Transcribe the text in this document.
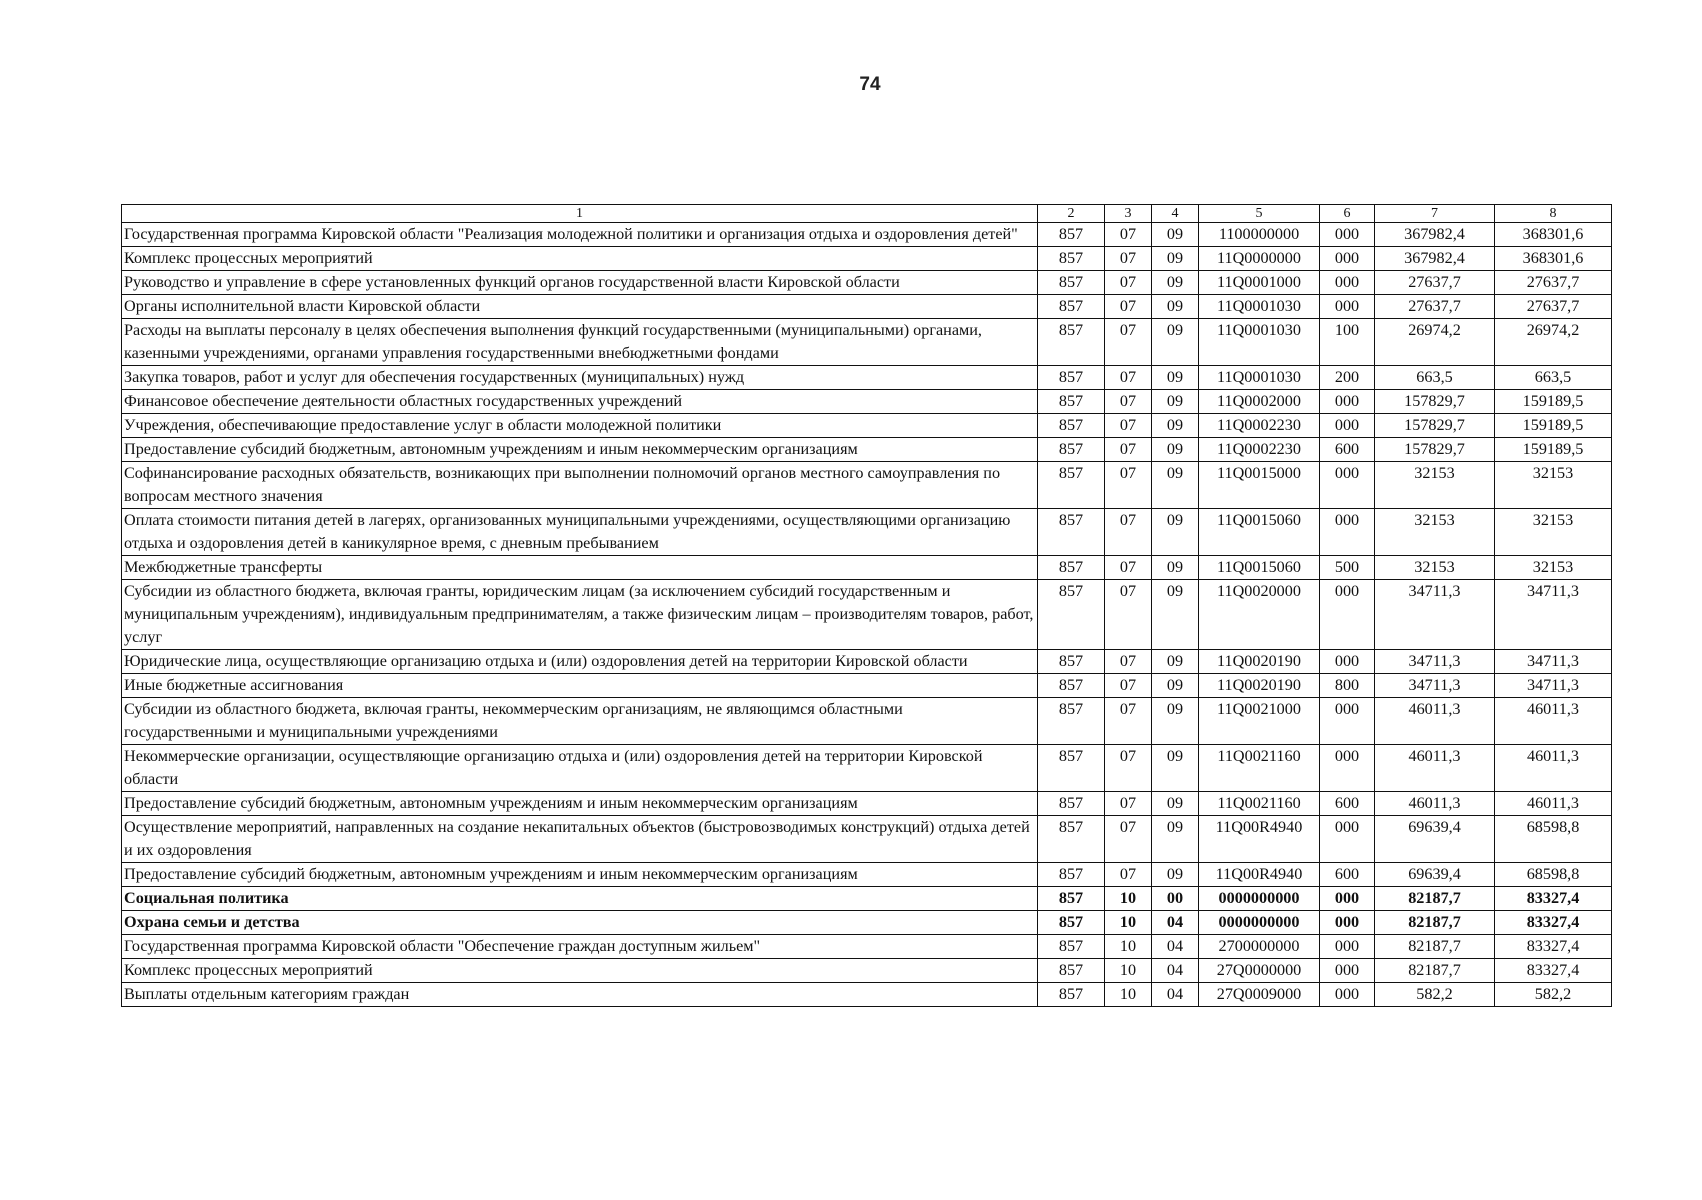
74
1	2	3	4	5	6	7	8
Государственная программа Кировской области "Реализация молодежной политики и организация отдыха и оздоровления детей"	857	07	09	1100000000	000	367982,4	368301,6
Комплекс процессных мероприятий	857	07	09	11Q0000000	000	367982,4	368301,6
Руководство и управление в сфере установленных функций органов государственной власти Кировской области	857	07	09	11Q0001000	000	27637,7	27637,7
Органы исполнительной власти Кировской области	857	07	09	11Q0001030	000	27637,7	27637,7
Расходы на выплаты персоналу в целях обеспечения выполнения функций государственными (муниципальными) органами, казенными учреждениями, органами управления государственными внебюджетными фондами	857	07	09	11Q0001030	100	26974,2	26974,2
Закупка товаров, работ и услуг для обеспечения государственных (муниципальных) нужд	857	07	09	11Q0001030	200	663,5	663,5
Финансовое обеспечение деятельности областных государственных учреждений	857	07	09	11Q0002000	000	157829,7	159189,5
Учреждения, обеспечивающие предоставление услуг в области молодежной политики	857	07	09	11Q0002230	000	157829,7	159189,5
Предоставление субсидий бюджетным, автономным учреждениям и иным некоммерческим организациям	857	07	09	11Q0002230	600	157829,7	159189,5
Софинансирование расходных обязательств, возникающих при выполнении полномочий органов местного самоуправления по вопросам местного значения	857	07	09	11Q0015000	000	32153	32153
Оплата стоимости питания детей в лагерях, организованных муниципальными учреждениями, осуществляющими организацию отдыха и оздоровления детей в каникулярное время, с дневным пребыванием	857	07	09	11Q0015060	000	32153	32153
Межбюджетные трансферты	857	07	09	11Q0015060	500	32153	32153
Субсидии из областного бюджета, включая гранты, юридическим лицам (за исключением субсидий государственным и муниципальным учреждениям), индивидуальным предпринимателям, а также физическим лицам – производителям товаров, работ, услуг	857	07	09	11Q0020000	000	34711,3	34711,3
Юридические лица, осуществляющие организацию отдыха и (или) оздоровления детей на территории Кировской области	857	07	09	11Q0020190	000	34711,3	34711,3
Иные бюджетные ассигнования	857	07	09	11Q0020190	800	34711,3	34711,3
Субсидии из областного бюджета, включая гранты, некоммерческим организациям, не являющимся областными государственными и муниципальными учреждениями	857	07	09	11Q0021000	000	46011,3	46011,3
Некоммерческие организации, осуществляющие организацию отдыха и (или) оздоровления детей на территории Кировской области	857	07	09	11Q0021160	000	46011,3	46011,3
Предоставление субсидий бюджетным, автономным учреждениям и иным некоммерческим организациям	857	07	09	11Q0021160	600	46011,3	46011,3
Осуществление мероприятий, направленных на создание некапитальных объектов (быстровозводимых конструкций) отдыха детей и их оздоровления	857	07	09	11Q00R4940	000	69639,4	68598,8
Предоставление субсидий бюджетным, автономным учреждениям и иным некоммерческим организациям	857	07	09	11Q00R4940	600	69639,4	68598,8
Социальная политика	857	10	00	0000000000	000	82187,7	83327,4
Охрана семьи и детства	857	10	04	0000000000	000	82187,7	83327,4
Государственная программа Кировской области "Обеспечение граждан доступным жильем"	857	10	04	2700000000	000	82187,7	83327,4
Комплекс процессных мероприятий	857	10	04	27Q0000000	000	82187,7	83327,4
Выплаты отдельным категориям граждан	857	10	04	27Q0009000	000	582,2	582,2
